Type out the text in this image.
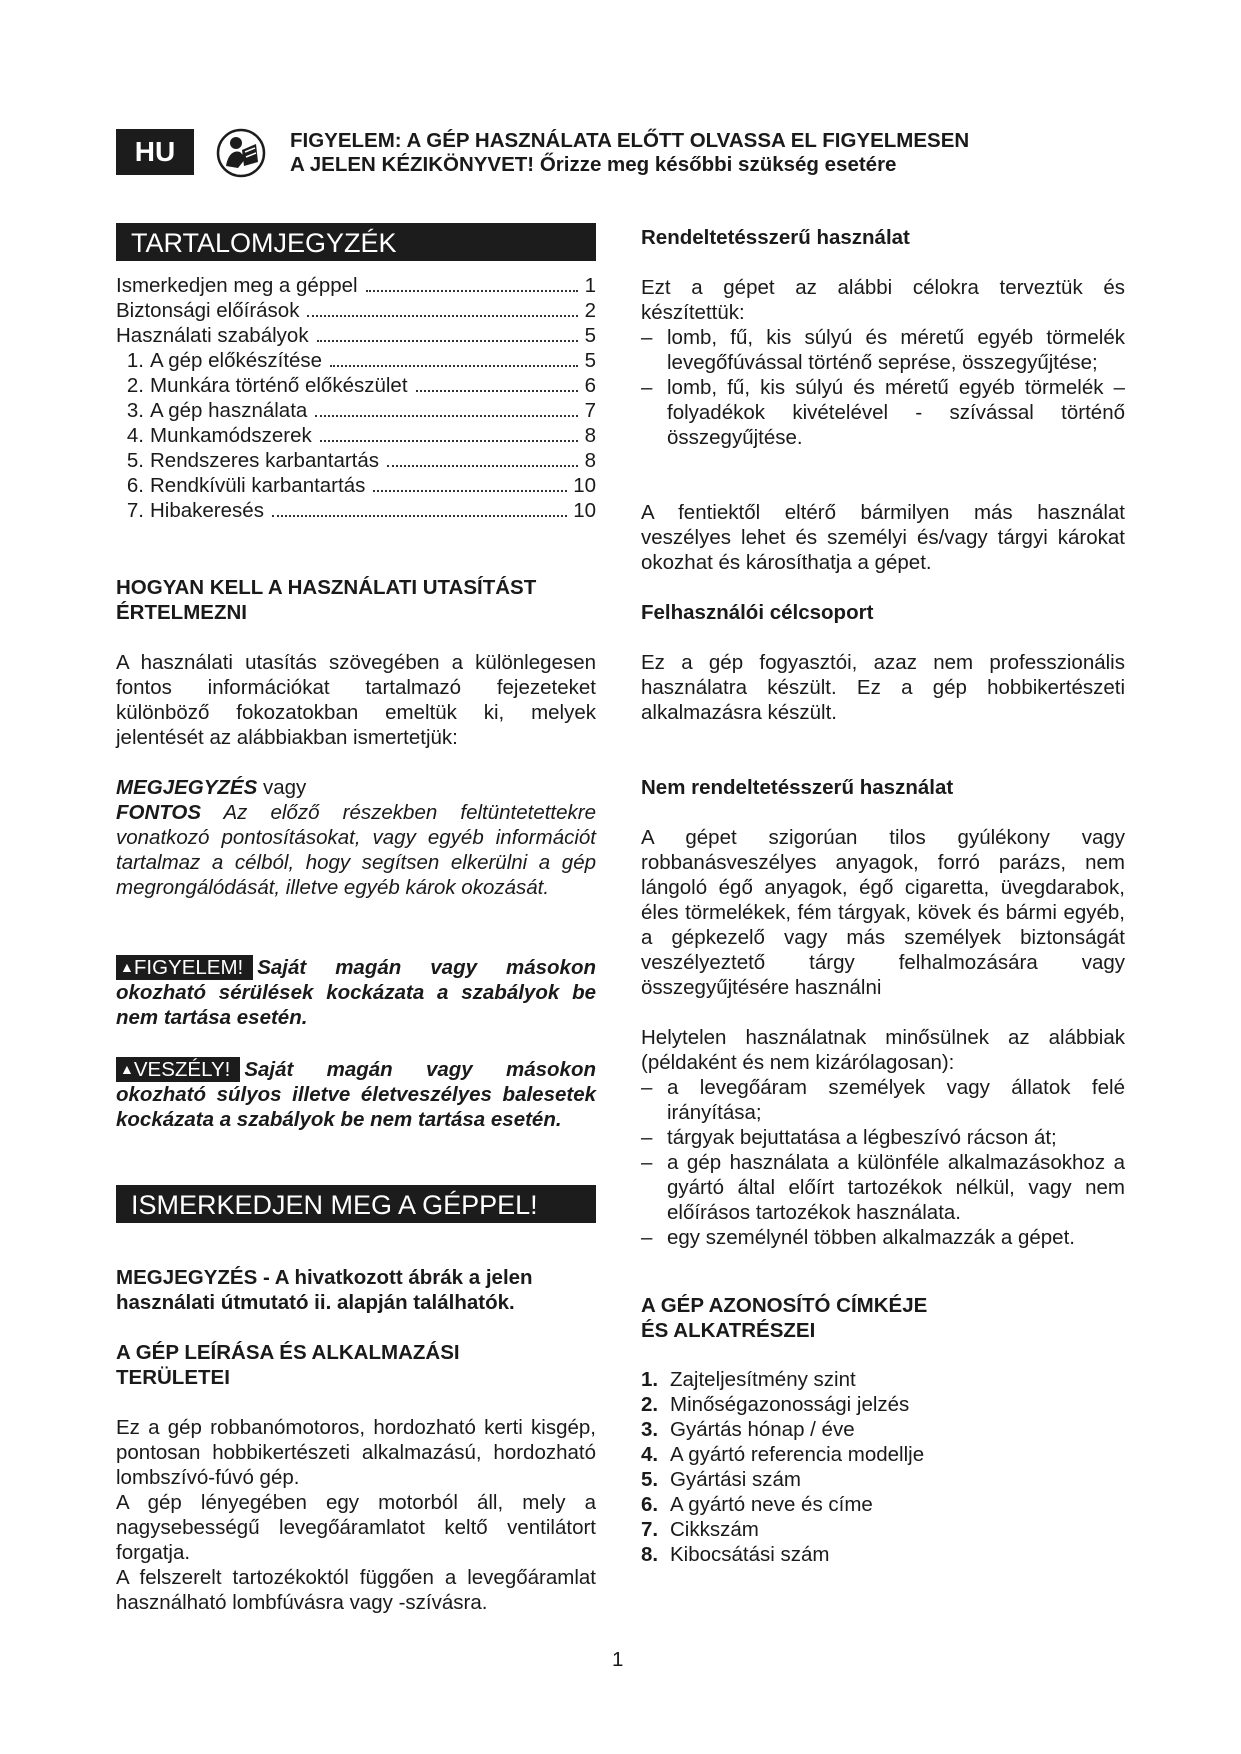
HU	FIGYELEM: A GÉP HASZNÁLATA ELŐTT OLVASSA EL FIGYELMESEN
A JELEN KÉZIKÖNYVET! Őrizze meg későbbi szükség esetére
TARTALOMJEGYZÉK
Ismerkedjen meg a géppel	1
Biztonsági előírások	2
Használati szabályok	5
1. A gép előkészítése	5
2. Munkára történő előkészület	6
3. A gép használata	7
4. Munkamódszerek	8
5. Rendszeres karbantartás	8
6. Rendkívüli karbantartás	10
7. Hibakeresés	10
HOGYAN KELL A HASZNÁLATI UTASÍTÁST
ÉRTELMEZNI
A használati utasítás szövegében a különlegesen fontos információkat tartalmazó fejezeteket különböző fokozatokban emeltük ki, melyek jelentését az alábbiakban ismertetjük:
MEGJEGYZÉS vagy
FONTOS Az előző részekben feltüntetettekre vonatkozó pontosításokat, vagy egyéb információt tartalmaz a célból, hogy segítsen elkerülni a gép megrongálódását, illetve egyéb károk okozását.
▲FIGYELEM! Saját magán vagy másokon okozható sérülések kockázata a szabályok be nem tartása esetén.
▲VESZÉLY! Saját magán vagy másokon okozható súlyos illetve életveszélyes balesetek kockázata a szabályok be nem tartása esetén.
ISMERKEDJEN MEG A GÉPPEL!
MEGJEGYZÉS - A hivatkozott ábrák a jelen
használati útmutató ii. alapján találhatók.
A GÉP LEÍRÁSA ÉS ALKALMAZÁSI
TERÜLETEI
Ez a gép robbanómotoros, hordozható kerti kisgép, pontosan hobbikertészeti alkalmazású, hordozható lombszívó-fúvó gép.
A gép lényegében egy motorból áll, mely a nagysebességű levegőáramlatot keltő ventilátort forgatja.
A felszerelt tartozékoktól függően a levegőáramlat használható lombfúvásra vagy -szívásra.
Rendeltetésszerű használat
Ezt a gépet az alábbi célokra terveztük és készítettük:
– lomb, fű, kis súlyú és méretű egyéb törmelék levegőfúvással történő seprése, összegyűjtése;
– lomb, fű, kis súlyú és méretű egyéb törmelék – folyadékok kivételével - szívással történő összegyűjtése.
A fentiektől eltérő bármilyen más használat veszélyes lehet és személyi és/vagy tárgyi károkat okozhat és károsíthatja a gépet.
Felhasználói célcsoport
Ez a gép fogyasztói, azaz nem professzionális használatra készült. Ez a gép hobbikertészeti alkalmazásra készült.
Nem rendeltetésszerű használat
A gépet szigorúan tilos gyúlékony vagy robbanásveszélyes anyagok, forró parázs, nem lángoló égő anyagok, égő cigaretta, üvegdarabok, éles törmelékek, fém tárgyak, kövek és bármi egyéb, a gépkezelő vagy más személyek biztonságát veszélyeztető tárgy felhalmozására vagy összegyűjtésére használni
Helytelen használatnak minősülnek az alábbiak (példaként és nem kizárólagosan):
– a levegőáram személyek vagy állatok felé irányítása;
– tárgyak bejuttatása a légbeszívó rácson át;
– a gép használata a különféle alkalmazásokhoz a gyártó által előírt tartozékok nélkül, vagy nem előírásos tartozékok használata.
– egy személynél többen alkalmazzák a gépet.
A GÉP AZONOSÍTÓ CÍMKÉJE
ÉS ALKATRÉSZEI
1. Zajteljesítmény szint
2. Minőségazonossági jelzés
3. Gyártás hónap / éve
4. A gyártó referencia modellje
5. Gyártási szám
6. A gyártó neve és címe
7. Cikkszám
8. Kibocsátási szám
1
